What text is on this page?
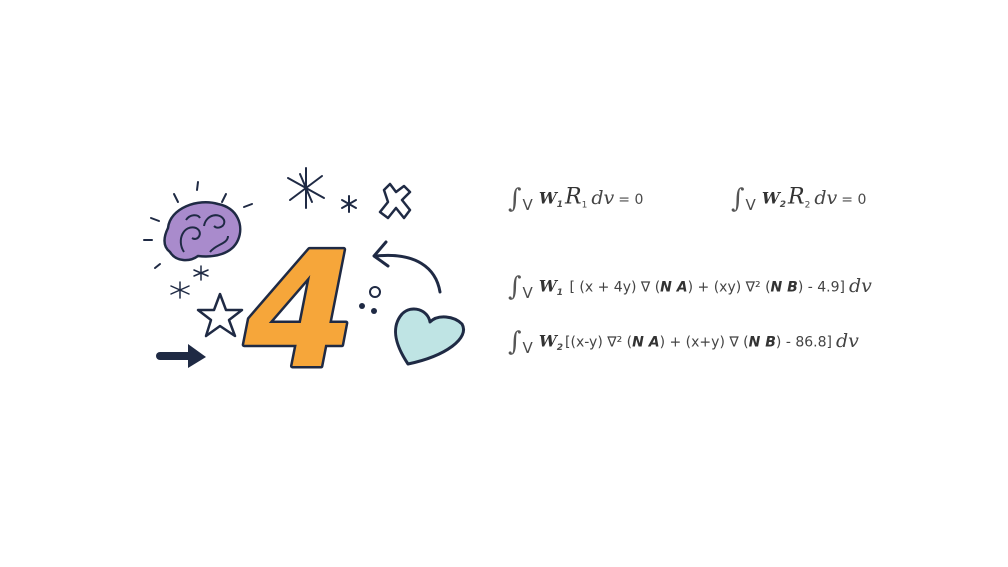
4
∫V $W1R_1$ dv = 0	∫V $W2R_2$ dv = 0
∫V W1 [ (x + 4y) ∇ (N A) + (xy) ∇² (N B) - 4.9] dv
∫V W2 [(x-y) ∇² (N A) + (x+y) ∇ (N B) - 86.8] dv
